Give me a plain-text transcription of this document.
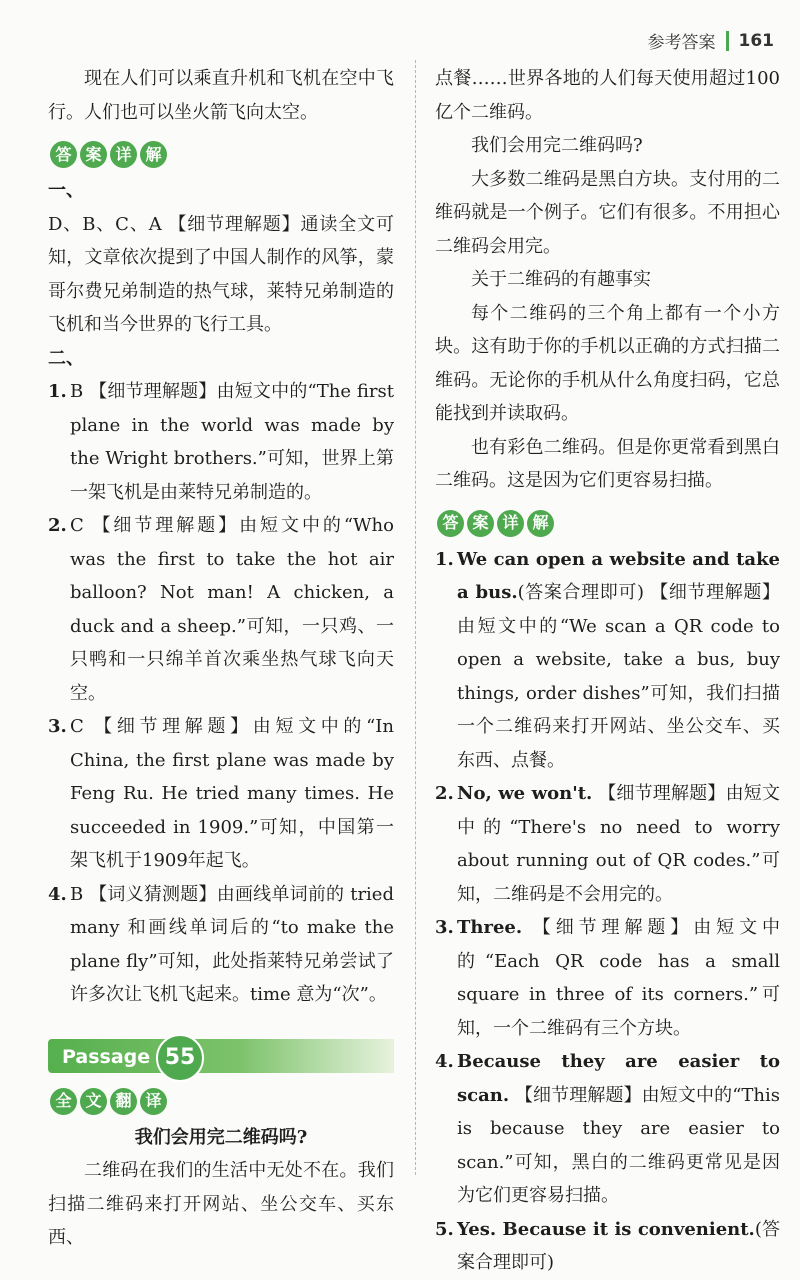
参考答案 161

现在人们可以乘直升机和飞机在空中飞行。人们也可以坐火箭飞向太空。

答 案 详 解

一、

D、B、C、A 【细节理解题】通读全文可知，文章依次提到了中国人制作的风筝，蒙哥尔费兄弟制造的热气球，莱特兄弟制造的飞机和当今世界的飞行工具。

二、

1. B 【细节理解题】由短文中的“The first plane in the world was made by the Wright brothers.”可知，世界上第一架飞机是由莱特兄弟制造的。
2. C 【细节理解题】由短文中的“Who was the first to take the hot air balloon? Not man! A chicken, a duck and a sheep.”可知，一只鸡、一只鸭和一只绵羊首次乘坐热气球飞向天空。
3. C 【细节理解题】由短文中的“In China, the first plane was made by Feng Ru. He tried many times. He succeeded in 1909.”可知，中国第一架飞机于1909年起飞。
4. B 【词义猜测题】由画线单词前的 tried many 和画线单词后的“to make the plane fly”可知，此处指莱特兄弟尝试了许多次让飞机飞起来。time 意为“次”。
Passage 55
全 文 翻 译

我们会用完二维码吗?

二维码在我们的生活中无处不在。我们扫描二维码来打开网站、坐公交车、买东西、

点餐……世界各地的人们每天使用超过100亿个二维码。

我们会用完二维码吗?

大多数二维码是黑白方块。支付用的二维码就是一个例子。它们有很多。不用担心二维码会用完。

关于二维码的有趣事实

每个二维码的三个角上都有一个小方块。这有助于你的手机以正确的方式扫描二维码。无论你的手机从什么角度扫码，它总能找到并读取码。

也有彩色二维码。但是你更常看到黑白二维码。这是因为它们更容易扫描。

答 案 详 解
1. We can open a website and take a bus.(答案合理即可) 【细节理解题】由短文中的“We scan a QR code to open a website, take a bus, buy things, order dishes”可知，我们扫描一个二维码来打开网站、坐公交车、买东西、点餐。
2. No, we won't. 【细节理解题】由短文中的“There's no need to worry about running out of QR codes.”可知，二维码是不会用完的。
3. Three. 【细节理解题】由短文中的“Each QR code has a small square in three of its corners.”可知，一个二维码有三个方块。
4. Because they are easier to scan. 【细节理解题】由短文中的“This is because they are easier to scan.”可知，黑白的二维码更常见是因为它们更容易扫描。
5. Yes. Because it is convenient.(答案合理即可)
